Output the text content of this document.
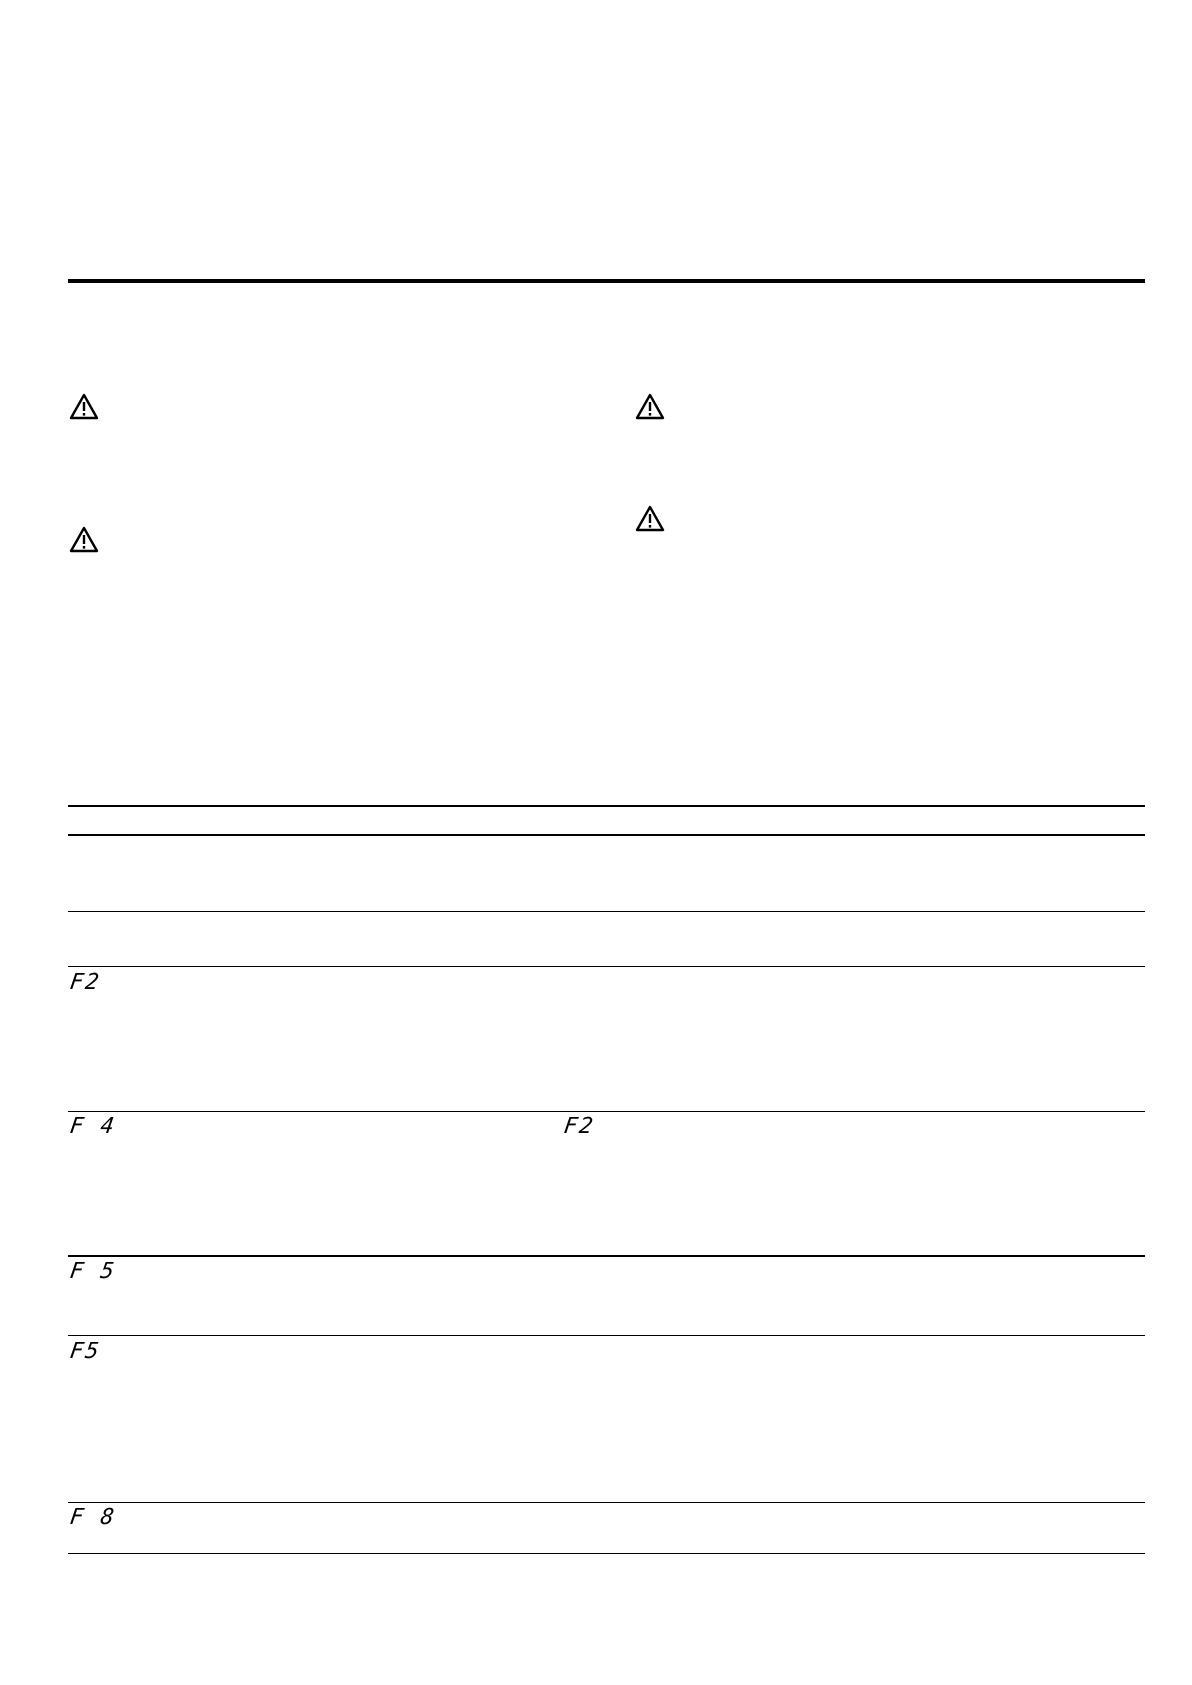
F2
F 4	F2
F 5
F5
F 8
